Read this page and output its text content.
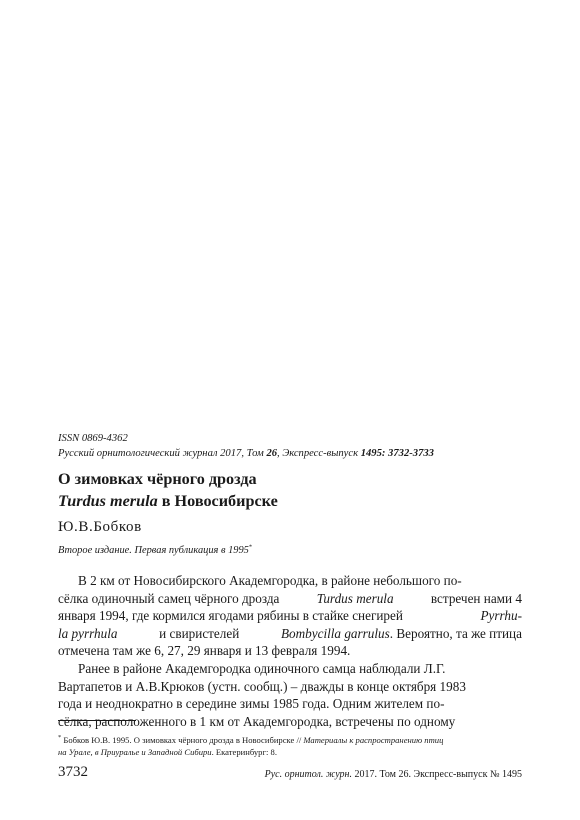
ISSN 0869-4362
Русский орнитологический журнал 2017, Том 26, Экспресс-выпуск 1495: 3732-3733
О зимовках чёрного дрозда
Turdus merula в Новосибирске
Ю.В.Бобков
Второе издание. Первая публикация в 1995*
В 2 км от Новосибирского Академгородка, в районе небольшого по-
сёлка одиночный самец чёрного дрозда	Turdus merula	встречен нами 4
января 1994, где кормился ягодами рябины в стайке снегирей	Pyrrhu-
la pyrrhula	и свиристелей	Bombycilla garrulus. Вероятно, та же птица
отмечена там же 6, 27, 29 января и 13 февраля 1994.
Ранее в районе Академгородка одиночного самца наблюдали Л.Г.
Вартапетов и А.В.Крюков (устн. сообщ.) – дважды в конце октября 1983
года и неоднократно в середине зимы 1985 года. Одним жителем по-
сёлка, расположенного в 1 км от Академгородка, встречены по одному
* Бобков Ю.В. 1995. О зимовках чёрного дрозда в Новосибирске // Материалы к распространению птиц
на Урале, в Приуралье и Западной Сибири. Екатеринбург: 8.
3732	Рус. орнитол. журн. 2017. Том 26. Экспресс-выпуск № 1495
